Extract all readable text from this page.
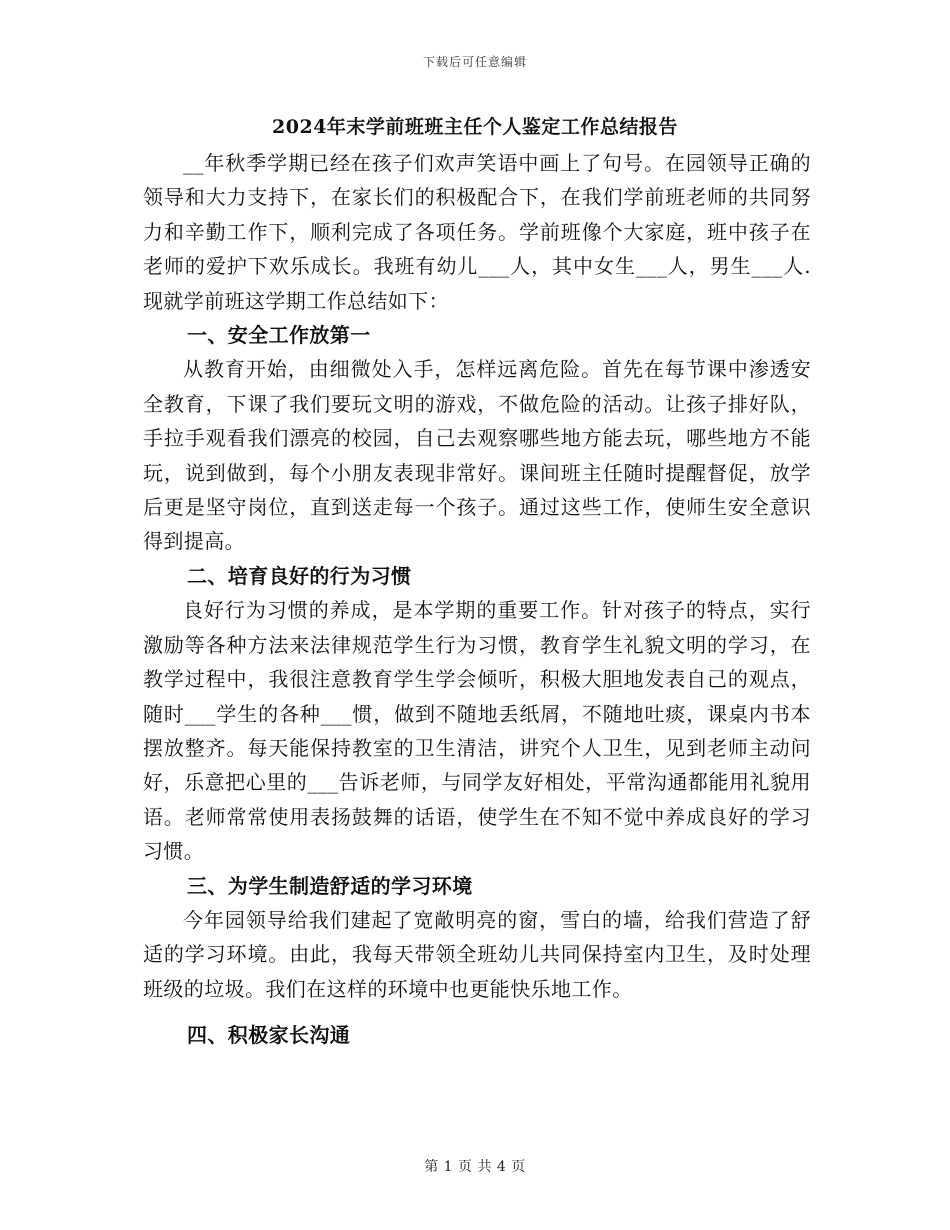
下载后可任意编辑
2024年末学前班班主任个人鉴定工作总结报告

__年秋季学期已经在孩子们欢声笑语中画上了句号。在园领导正确的领导和大力支持下，在家长们的积极配合下，在我们学前班老师的共同努力和辛勤工作下，顺利完成了各项任务。学前班像个大家庭，班中孩子在老师的爱护下欢乐成长。我班有幼儿___人，其中女生___人，男生___人.现就学前班这学期工作总结如下：

一、安全工作放第一

从教育开始，由细微处入手，怎样远离危险。首先在每节课中渗透安全教育，下课了我们要玩文明的游戏，不做危险的活动。让孩子排好队，手拉手观看我们漂亮的校园，自己去观察哪些地方能去玩，哪些地方不能玩，说到做到，每个小朋友表现非常好。课间班主任随时提醒督促，放学后更是坚守岗位，直到送走每一个孩子。通过这些工作，使师生安全意识得到提高。

二、培育良好的行为习惯

良好行为习惯的养成，是本学期的重要工作。针对孩子的特点，实行激励等各种方法来法律规范学生行为习惯，教育学生礼貌文明的学习，在教学过程中，我很注意教育学生学会倾听，积极大胆地发表自己的观点，随时___学生的各种___惯，做到不随地丢纸屑，不随地吐痰，课桌内书本摆放整齐。每天能保持教室的卫生清洁，讲究个人卫生，见到老师主动问好，乐意把心里的___告诉老师，与同学友好相处，平常沟通都能用礼貌用语。老师常常使用表扬鼓舞的话语，使学生在不知不觉中养成良好的学习习惯。

三、为学生制造舒适的学习环境

今年园领导给我们建起了宽敞明亮的窗，雪白的墙，给我们营造了舒适的学习环境。由此，我每天带领全班幼儿共同保持室内卫生，及时处理班级的垃圾。我们在这样的环境中也更能快乐地工作。

四、积极家长沟通

第 1 页 共 4 页
